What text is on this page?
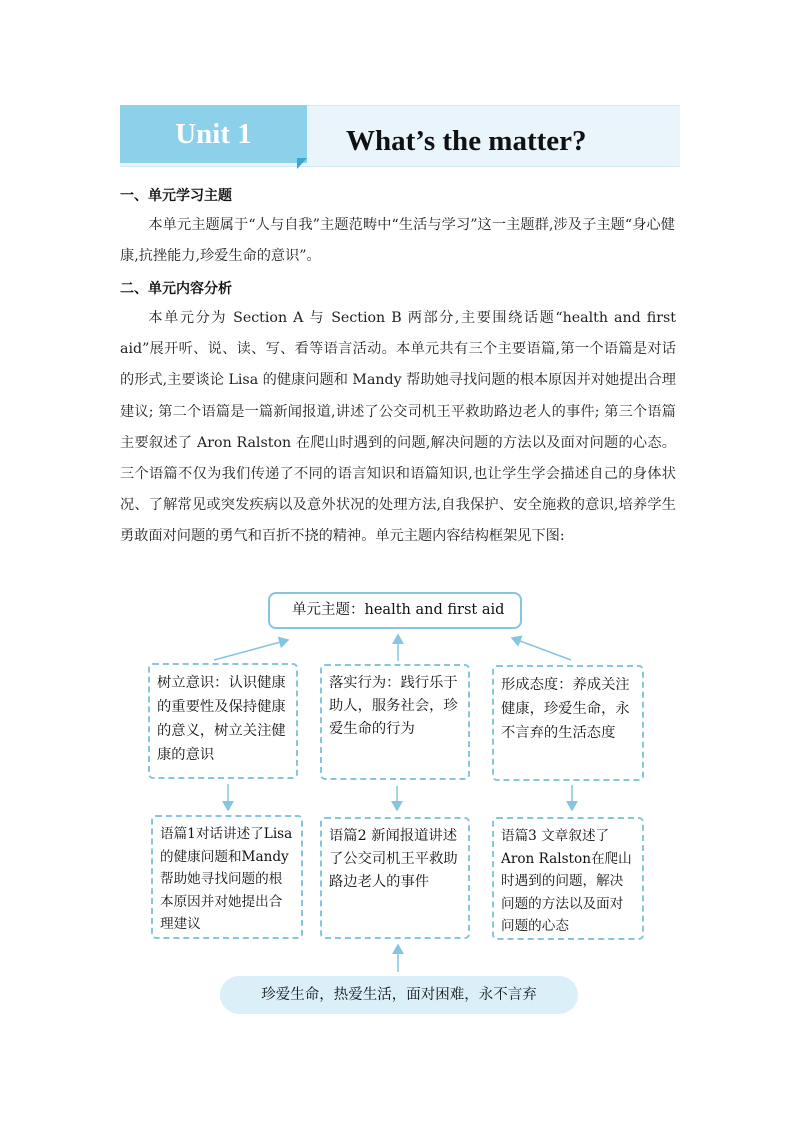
Unit 1	What’s the matter?
一、单元学习主题

本单元主题属于“人与自我”主题范畴中“生活与学习”这一主题群,涉及子主题“身心健康,抗挫能力,珍爱生命的意识”。

二、单元内容分析

本单元分为 Section A 与 Section B 两部分,主要围绕话题“health and first aid”展开听、说、读、写、看等语言活动。本单元共有三个主要语篇,第一个语篇是对话的形式,主要谈论 Lisa 的健康问题和 Mandy 帮助她寻找问题的根本原因并对她提出合理建议; 第二个语篇是一篇新闻报道,讲述了公交司机王平救助路边老人的事件; 第三个语篇主要叙述了 Aron Ralston 在爬山时遇到的问题,解决问题的方法以及面对问题的心态。三个语篇不仅为我们传递了不同的语言知识和语篇知识,也让学生学会描述自己的身体状况、了解常见或突发疾病以及意外状况的处理方法,自我保护、安全施救的意识,培养学生勇敢面对问题的勇气和百折不挠的精神。单元主题内容结构框架见下图:

单元主题：health and first aid
树立意识：认识健康的重要性及保持健康的意义，树立关注健康的意识
落实行为：践行乐于助人，服务社会，珍爱生命的行为
形成态度：养成关注健康，珍爱生命，永不言弃的生活态度
语篇1对话讲述了Lisa的健康问题和Mandy帮助她寻找问题的根本原因并对她提出合理建议
语篇2 新闻报道讲述了公交司机王平救助路边老人的事件
语篇3 文章叙述了Aron Ralston在爬山时遇到的问题，解决问题的方法以及面对问题的心态
珍爱生命，热爱生活，面对困难，永不言弃
